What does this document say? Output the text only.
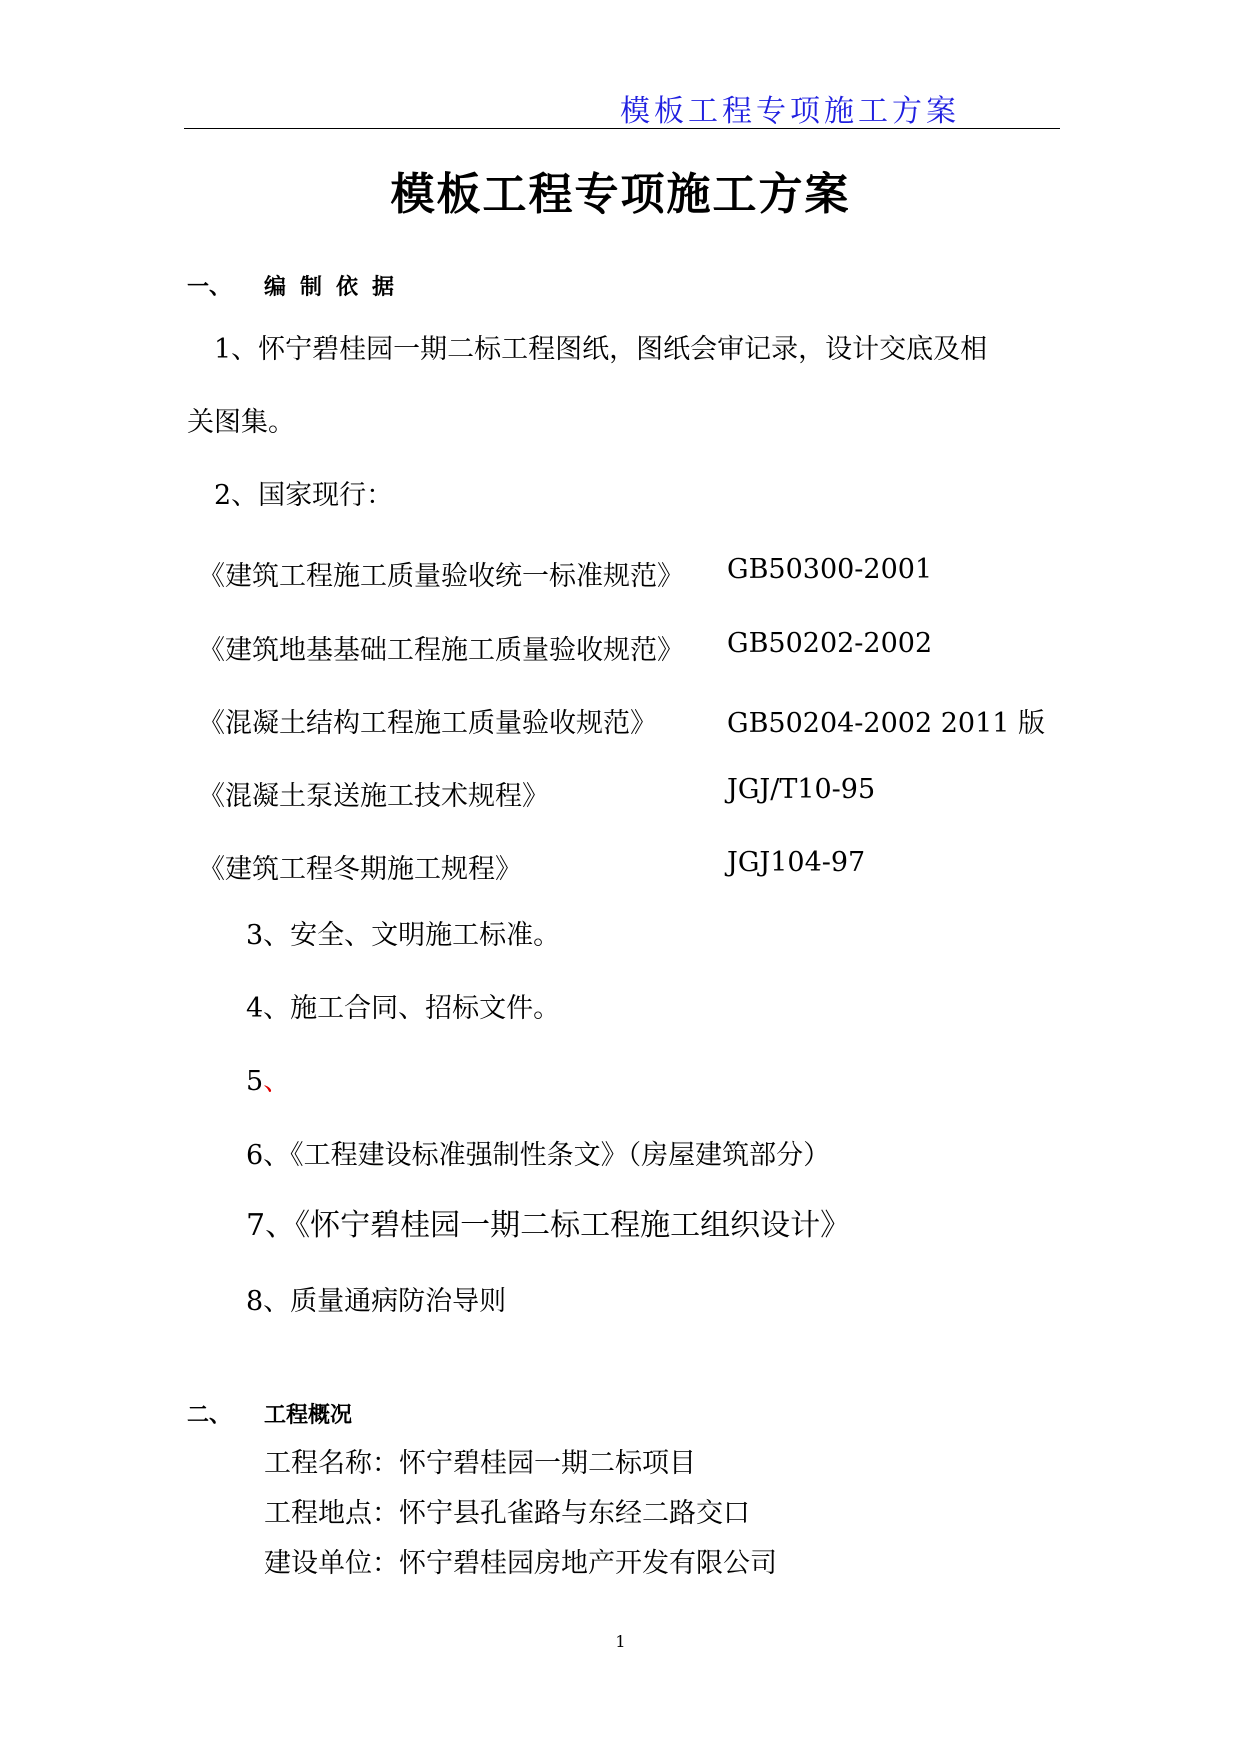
模板工程专项施工方案
模板工程专项施工方案
一、 编制依据
1、怀宁碧桂园一期二标工程图纸，图纸会审记录，设计交底及相
关图集。
2、国家现行：
《建筑工程施工质量验收统一标准规范》 GB50300-2001
《建筑地基基础工程施工质量验收规范》 GB50202-2002
《混凝土结构工程施工质量验收规范》	GB50204-2002 2011 版
《混凝土泵送施工技术规程》	JGJ/T10-95
《建筑工程冬期施工规程》	JGJ104-97
3、安全、文明施工标准。
4、施工合同、招标文件。
5、
6、《工程建设标准强制性条文》（房屋建筑部分）
7、《怀宁碧桂园一期二标工程施工组织设计》
8、质量通病防治导则
二、 工程概况
工程名称：怀宁碧桂园一期二标项目
工程地点：怀宁县孔雀路与东经二路交口
建设单位：怀宁碧桂园房地产开发有限公司
1
